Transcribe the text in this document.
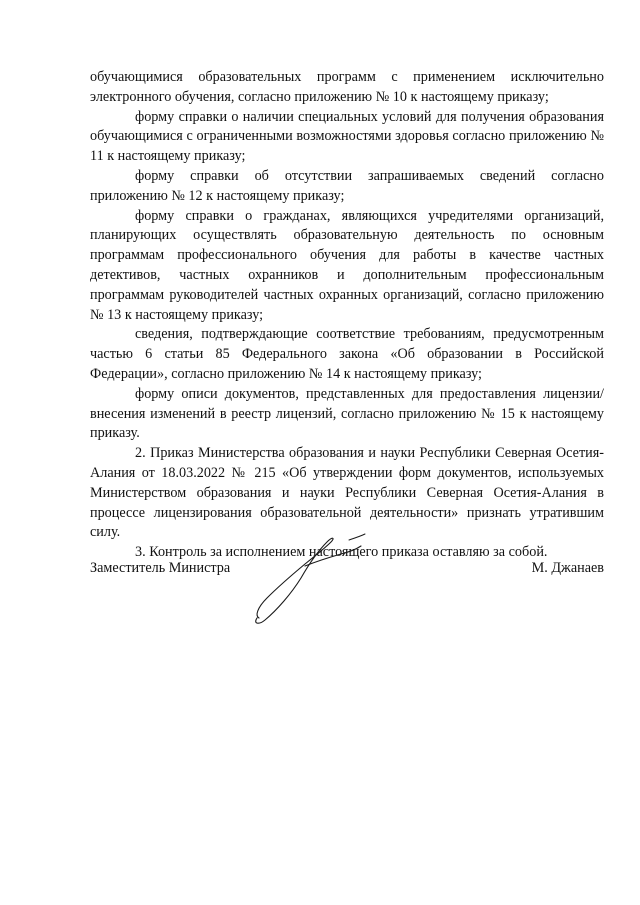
обучающимися образовательных программ с применением исключительно электронного обучения, согласно приложению № 10 к настоящему приказу;

форму справки о наличии специальных условий для получения образования обучающимися с ограниченными возможностями здоровья согласно приложению № 11 к настоящему приказу;

форму справки об отсутствии запрашиваемых сведений согласно приложению № 12 к настоящему приказу;

форму справки о гражданах, являющихся учредителями организаций, планирующих осуществлять образовательную деятельность по основным программам профессионального обучения для работы в качестве частных детективов, частных охранников и дополнительным профессиональным программам руководителей частных охранных организаций, согласно приложению № 13 к настоящему приказу;

сведения, подтверждающие соответствие требованиям, предусмотренным частью 6 статьи 85 Федерального закона «Об образовании в Российской Федерации», согласно приложению № 14 к настоящему приказу;

форму описи документов, представленных для предоставления лицензии/внесения изменений в реестр лицензий, согласно приложению № 15 к настоящему приказу.

2. Приказ Министерства образования и науки Республики Северная Осетия-Алания от 18.03.2022 № 215 «Об утверждении форм документов, используемых Министерством образования и науки Республики Северная Осетия-Алания в процессе лицензирования образовательной деятельности» признать утратившим силу.

3. Контроль за исполнением настоящего приказа оставляю за собой.

Заместитель Министра	М. Джанаев
